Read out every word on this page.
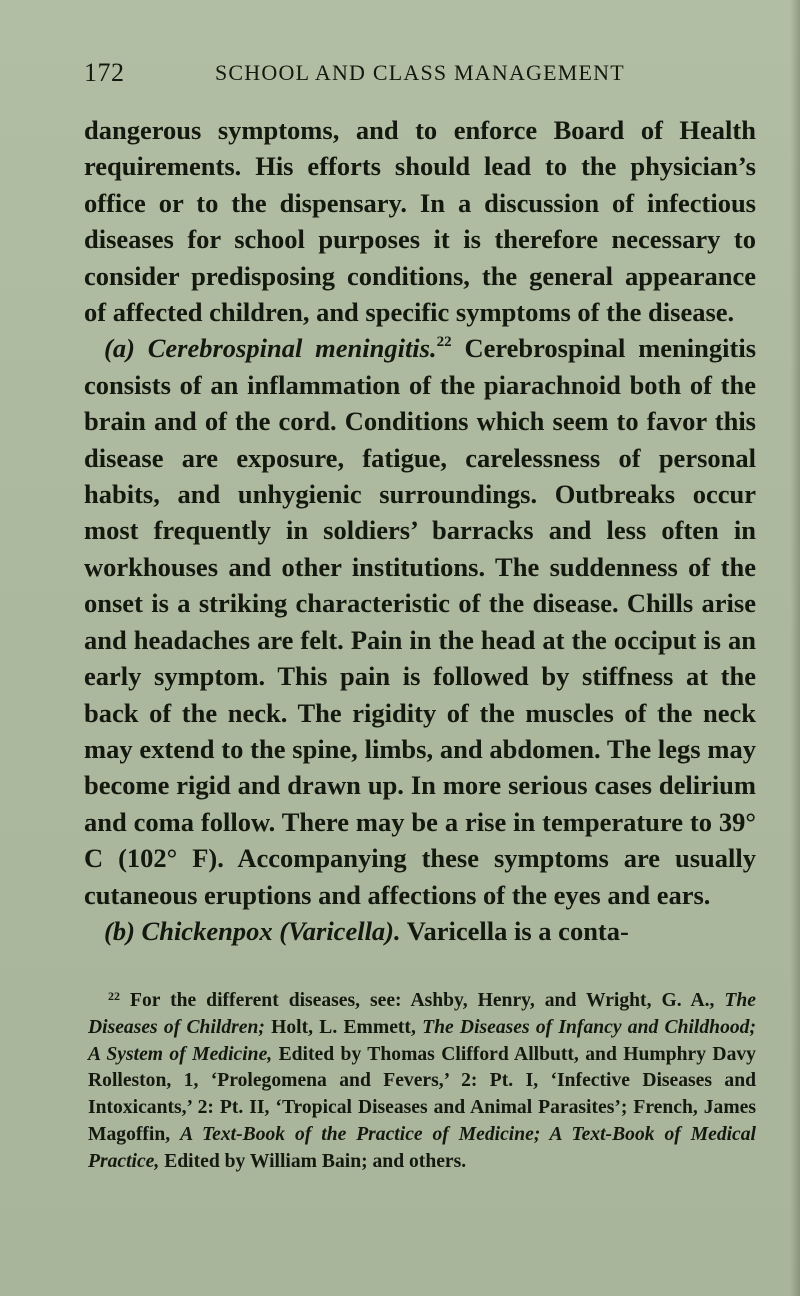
172	SCHOOL AND CLASS MANAGEMENT

dangerous symptoms, and to enforce Board of Health requirements. His efforts should lead to the physician’s office or to the dispensary. In a discussion of infectious diseases for school purposes it is therefore necessary to consider predisposing conditions, the general appearance of affected children, and specific symptoms of the disease.

(a) Cerebrospinal meningitis.$^{22}$ Cerebrospinal meningitis consists of an inflammation of the piarachnoid both of the brain and of the cord. Conditions which seem to favor this disease are exposure, fatigue, carelessness of personal habits, and unhygienic surroundings. Outbreaks occur most frequently in soldiers’ barracks and less often in workhouses and other institutions. The suddenness of the onset is a striking characteristic of the disease. Chills arise and headaches are felt. Pain in the head at the occiput is an early symptom. This pain is followed by stiffness at the back of the neck. The rigidity of the muscles of the neck may extend to the spine, limbs, and abdomen. The legs may become rigid and drawn up. In more serious cases delirium and coma follow. There may be a rise in temperature to 39° C (102° F). Accompanying these symptoms are usually cutaneous eruptions and affections of the eyes and ears.

(b) Chickenpox (Varicella). Varicella is a conta-

$^{22}$ For the different diseases, see: Ashby, Henry, and Wright, G. A., The Diseases of Children; Holt, L. Emmett, The Diseases of Infancy and Childhood; A System of Medicine, Edited by Thomas Clifford Allbutt, and Humphry Davy Rolleston, 1, ‘Prolegomena and Fevers,’ 2: Pt. I, ‘Infective Diseases and Intoxicants,’ 2: Pt. II, ‘Tropical Diseases and Animal Parasites’; French, James Magoffin, A Text-Book of the Practice of Medicine; A Text-Book of Medical Practice, Edited by William Bain; and others.
